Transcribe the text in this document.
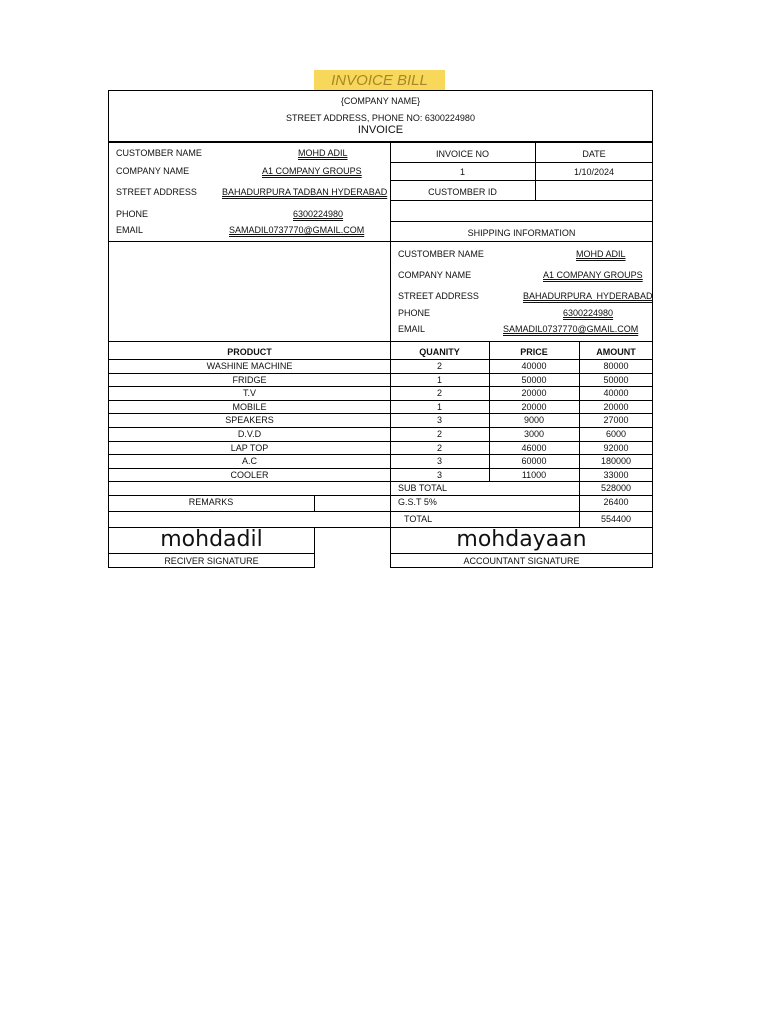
INVOICE BILL
{COMPANY NAME}
STREET ADDRESS, PHONE NO: 6300224980
INVOICE
CUSTOMBER NAME	MOHD ADIL
COMPANY NAME	A1 COMPANY GROUPS
STREET ADDRESS	BAHADURPURA TADBAN HYDERABAD
PHONE	6300224980
EMAIL	SAMADIL0737770@GMAIL.COM
INVOICE NO	DATE
1	1/10/2024
CUSTOMBER ID
SHIPPING INFORMATION
CUSTOMBER NAME	MOHD ADIL
COMPANY NAME	A1 COMPANY GROUPS
STREET ADDRESS	BAHADURPURA  HYDERABAD
PHONE	6300224980
EMAIL	SAMADIL0737770@GMAIL.COM
PRODUCT	QUANITY	PRICE	AMOUNT
WASHINE MACHINE	2	40000	80000
FRIDGE	1	50000	50000
T.V	2	20000	40000
MOBILE	1	20000	20000
SPEAKERS	3	9000	27000
D.V.D	2	3000	6000
LAP TOP	2	46000	92000
A.C	3	60000	180000
COOLER	3	11000	33000
SUB TOTAL	528000
REMARKS	G.S.T 5%	26400
TOTAL	554400
mohdadil
RECIVER SIGNATURE
mohdayaan
ACCOUNTANT SIGNATURE
